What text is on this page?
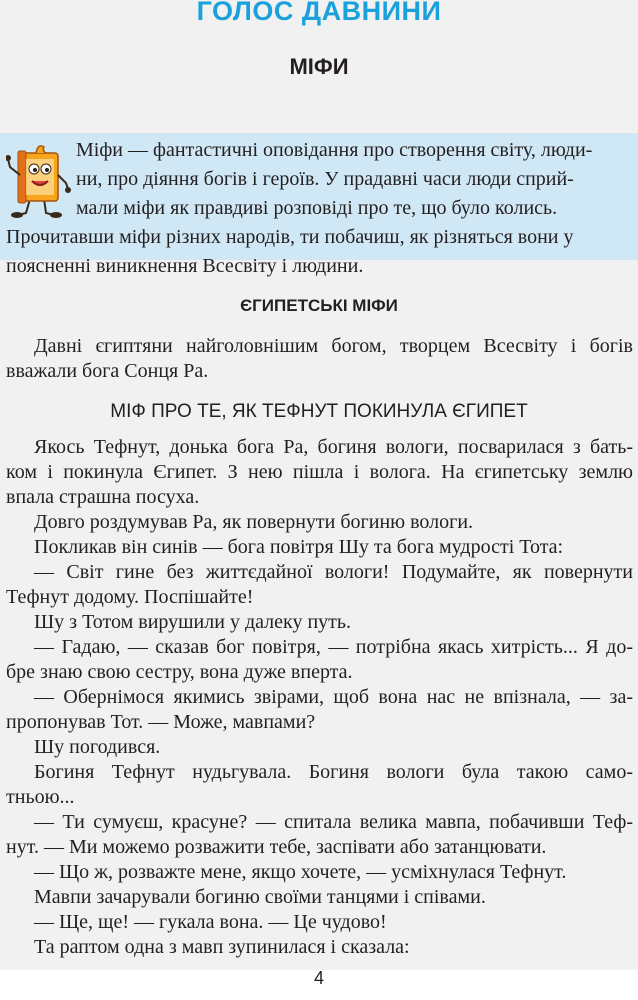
ГОЛОС ДАВНИНИ
МІФИ
Міфи — фантастичні оповідання про створення світу, люди-
ни, про діяння богів і героїв. У прадавні часи люди сприй-
мали міфи як правдиві розповіді про те, що було колись.
Прочитавши міфи різних народів, ти побачиш, як різняться вони у
поясненні виникнення Всесвіту і людини.
ЄГИПЕТСЬКІ МІФИ
Давні єгиптяни найголовнішим богом, творцем Всесвіту і богів
вважали бога Сонця Ра.
МІФ ПРО ТЕ, ЯК ТЕФНУТ ПОКИНУЛА ЄГИПЕТ
Якось Тефнут, донька бога Ра, богиня вологи, посварилася з бать-
ком і покинула Єгипет. З нею пішла і волога. На єгипетську землю
впала страшна посуха.
Довго роздумував Ра, як повернути богиню вологи.
Покликав він синів — бога повітря Шу та бога мудрості Тота:
— Світ гине без життєдайної вологи! Подумайте, як повернути
Тефнут додому. Поспішайте!
Шу з Тотом вирушили у далеку путь.
— Гадаю, — сказав бог повітря, — потрібна якась хитрість... Я до-
бре знаю свою сестру, вона дуже вперта.
— Обернімося якимись звірами, щоб вона нас не впізнала, — за-
пропонував Тот. — Може, мавпами?
Шу погодився.
Богиня Тефнут нудьгувала. Богиня вологи була такою само-
тньою...
— Ти сумуєш, красуне? — спитала велика мавпа, побачивши Теф-
нут. — Ми можемо розважити тебе, заспівати або затанцювати.
— Що ж, розважте мене, якщо хочете, — усміхнулася Тефнут.
Мавпи зачарували богиню своїми танцями і співами.
— Ще, ще! — гукала вона. — Це чудово!
Та раптом одна з мавп зупинилася і сказала:
4
